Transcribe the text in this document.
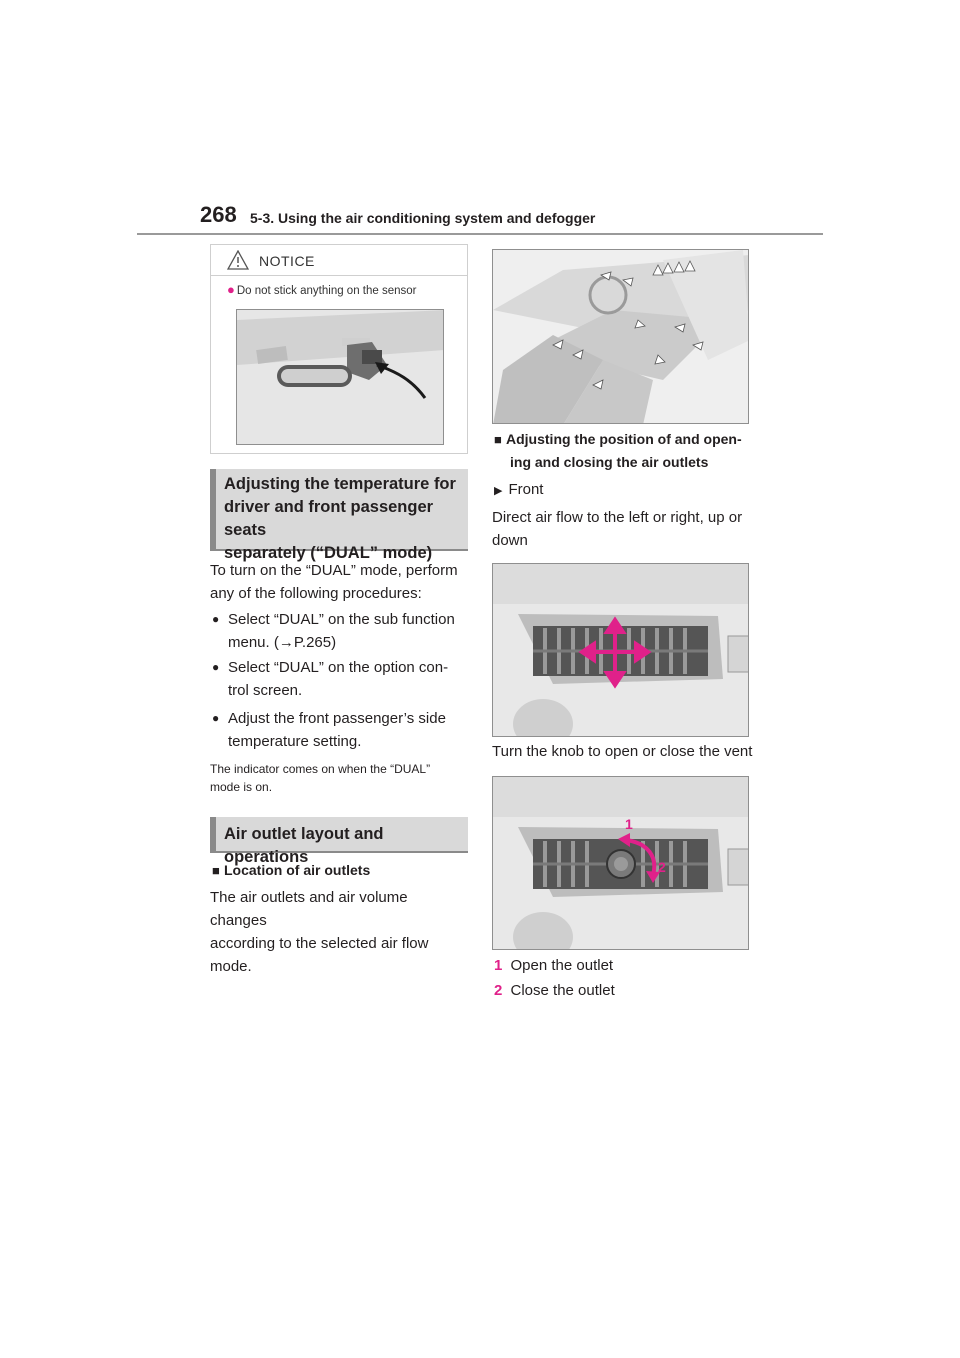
268 5-3. Using the air conditioning system and defogger
NOTICE
● Do not stick anything on the sensor
Adjusting the temperature for
driver and front passenger seats
separately (“DUAL” mode)
To turn on the “DUAL” mode, perform
any of the following procedures:
● Select “DUAL” on the sub function
menu. (→P.265)
● Select “DUAL” on the option con-
trol screen.
● Adjust the front passenger’s side
temperature setting.
The indicator comes on when the “DUAL”
mode is on.
Air outlet layout and operations
■ Location of air outlets
The air outlets and air volume changes
according to the selected air flow
mode.
■ Adjusting the position of and open-
ing and closing the air outlets
▶ Front
Direct air flow to the left or right, up or
down
Turn the knob to open or close the vent
1
2
1 Open the outlet
2 Close the outlet
